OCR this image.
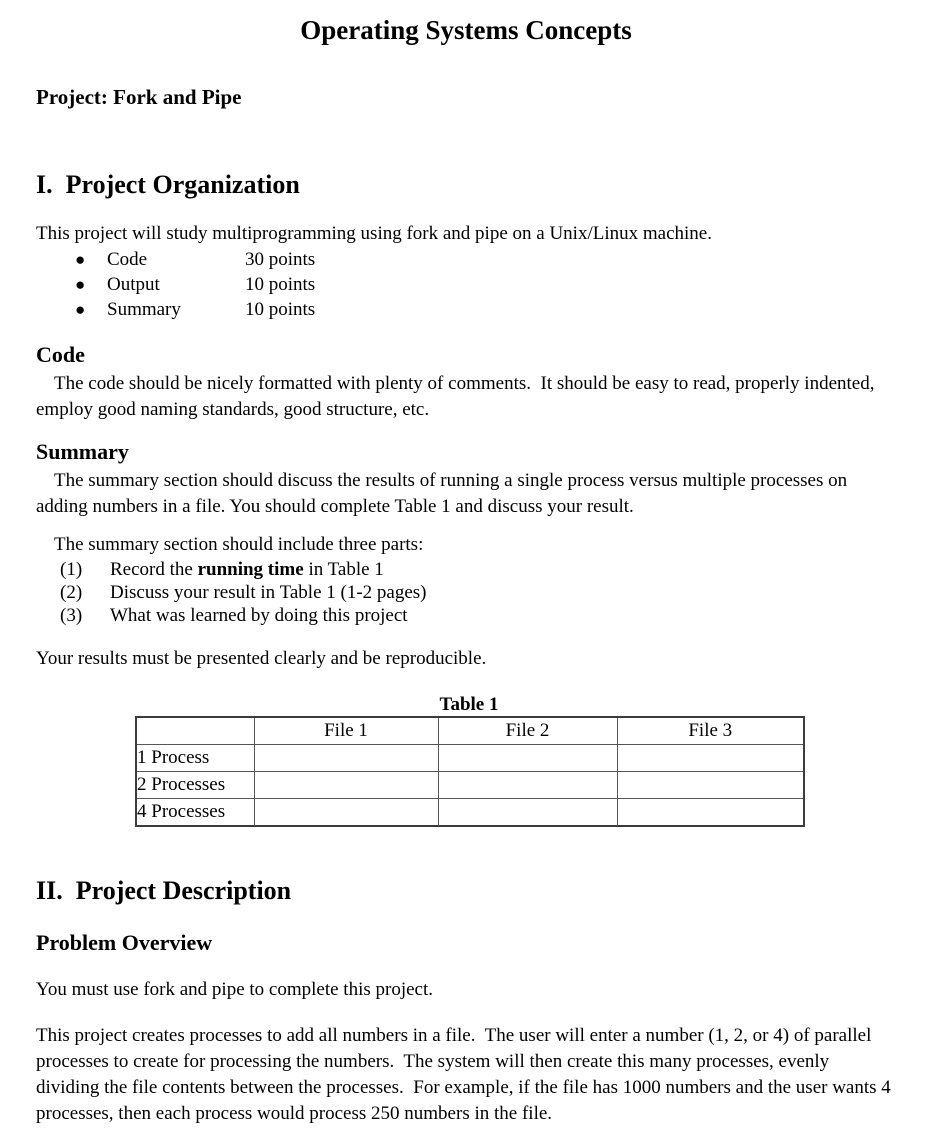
Operating Systems Concepts
Project: Fork and Pipe
I.  Project Organization
This project will study multiprogramming using fork and pipe on a Unix/Linux machine.
●	Code	30 points
●	Output	10 points
●	Summary	10 points
Code
The code should be nicely formatted with plenty of comments.  It should be easy to read, properly indented, employ good naming standards, good structure, etc.
Summary
The summary section should discuss the results of running a single process versus multiple processes on adding numbers in a file. You should complete Table 1 and discuss your result.
The summary section should include three parts:
(1)	Record the running time in Table 1
(2)	Discuss your result in Table 1 (1-2 pages)
(3)	What was learned by doing this project
Your results must be presented clearly and be reproducible.
Table 1
	File 1	File 2	File 3
1 Process			
2 Processes			
4 Processes			
II.  Project Description
Problem Overview
You must use fork and pipe to complete this project.
This project creates processes to add all numbers in a file.  The user will enter a number (1, 2, or 4) of parallel processes to create for processing the numbers.  The system will then create this many processes, evenly dividing the file contents between the processes.  For example, if the file has 1000 numbers and the user wants 4 processes, then each process would process 250 numbers in the file.
